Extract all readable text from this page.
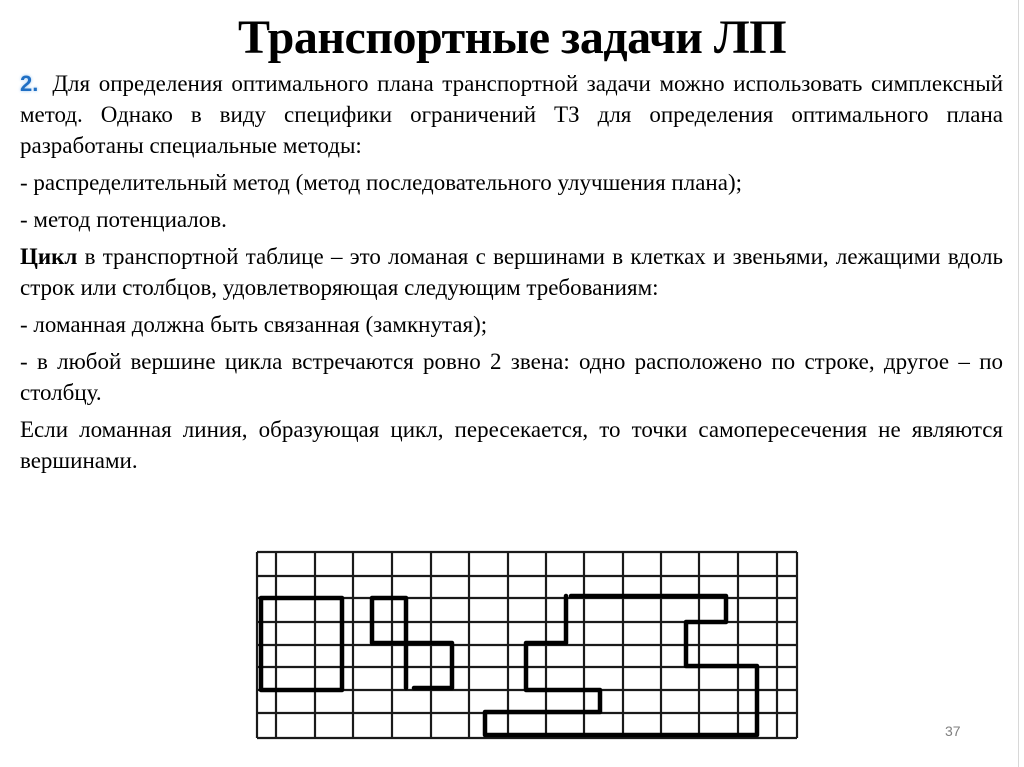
Транспортные задачи ЛП

2. Для определения оптимального плана транспортной задачи можно использовать симплексный метод. Однако в виду специфики ограничений ТЗ для определения оптимального плана разработаны специальные методы:

- распределительный метод (метод последовательного улучшения плана);

- метод потенциалов.

Цикл в транспортной таблице – это ломаная с вершинами в клетках и звеньями, лежащими вдоль строк или столбцов, удовлетворяющая следующим требованиям:

- ломанная должна быть связанная (замкнутая);

- в любой вершине цикла встречаются ровно 2 звена: одно расположено по строке, другое – по столбцу.

Если ломанная линия, образующая цикл, пересекается, то точки самопересечения не являются вершинами.

37
